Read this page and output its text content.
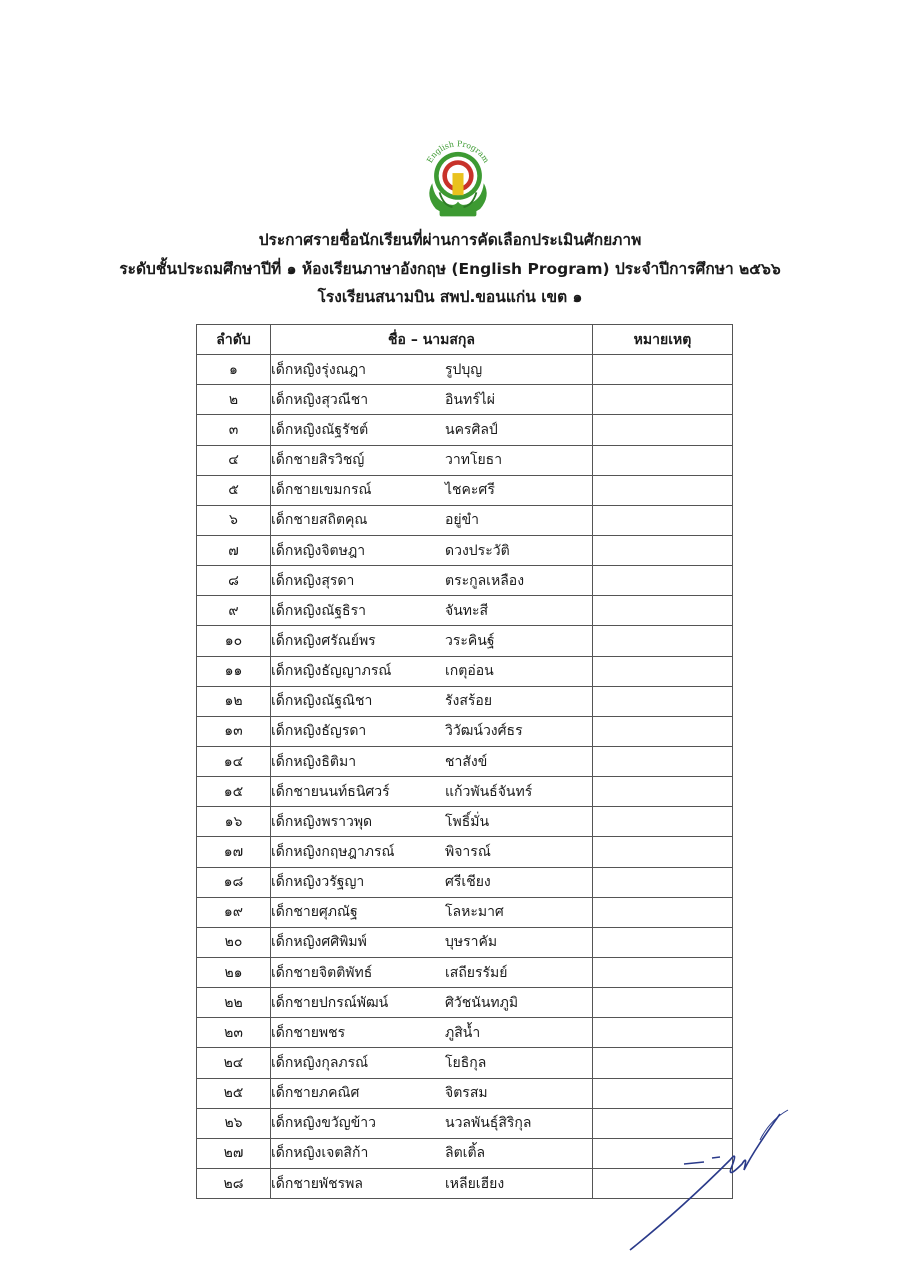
English Program
ประกาศรายชื่อนักเรียนที่ผ่านการคัดเลือกประเมินศักยภาพ
ระดับชั้นประถมศึกษาปีที่ ๑ ห้องเรียนภาษาอังกฤษ (English Program) ประจำปีการศึกษา ๒๕๖๖
โรงเรียนสนามบิน สพป.ขอนแก่น เขต ๑
ลำดับ	ชื่อ – นามสกุล	หมายเหตุ
๑	เด็กหญิงรุ่งณฎา รูปบุญ	
๒	เด็กหญิงสุวณีชา อินทร์ไผ่	
๓	เด็กหญิงณัฐรัชต์ นครศิลป์	
๔	เด็กชายสิรวิชญ์ วาทโยธา	
๕	เด็กชายเขมกรณ์ ไชคะศรี	
๖	เด็กชายสถิตคุณ อยู่ขำ	
๗	เด็กหญิงจิตษฎา ดวงประวัติ	
๘	เด็กหญิงสุรดา ตระกูลเหลือง	
๙	เด็กหญิงณัฐธิรา จันทะสี	
๑๐	เด็กหญิงศรัณย์พร วระคินฐ์	
๑๑	เด็กหญิงธัญญาภรณ์ เกตุอ่อน	
๑๒	เด็กหญิงณัฐณิชา รังสร้อย	
๑๓	เด็กหญิงธัญรดา วิวัฒน์วงศ์ธร	
๑๔	เด็กหญิงธิติมา ชาสังข์	
๑๕	เด็กชายนนท์ธนิศวร์ แก้วพันธ์จันทร์	
๑๖	เด็กหญิงพราวพุด โพธิ์มั่น	
๑๗	เด็กหญิงกฤษฎาภรณ์ พิจารณ์	
๑๘	เด็กหญิงวรัฐญา ศรีเชียง	
๑๙	เด็กชายศุภณัฐ โลหะมาศ	
๒๐	เด็กหญิงศศิพิมพ์ บุษราคัม	
๒๑	เด็กชายจิตติพัทธ์ เสถียรรัมย์	
๒๒	เด็กชายปกรณ์พัฒน์ ศิวัชนันทภูมิ	
๒๓	เด็กชายพชร ภูสิน้ำ	
๒๔	เด็กหญิงกุลภรณ์ โยธิกุล	
๒๕	เด็กชายภคณิศ จิตรสม	
๒๖	เด็กหญิงขวัญข้าว นวลพันธุ์สิริกุล	
๒๗	เด็กหญิงเจตสิก้า ลิตเติ้ล	
๒๘	เด็กชายพัชรพล เหลียเฮียง	
